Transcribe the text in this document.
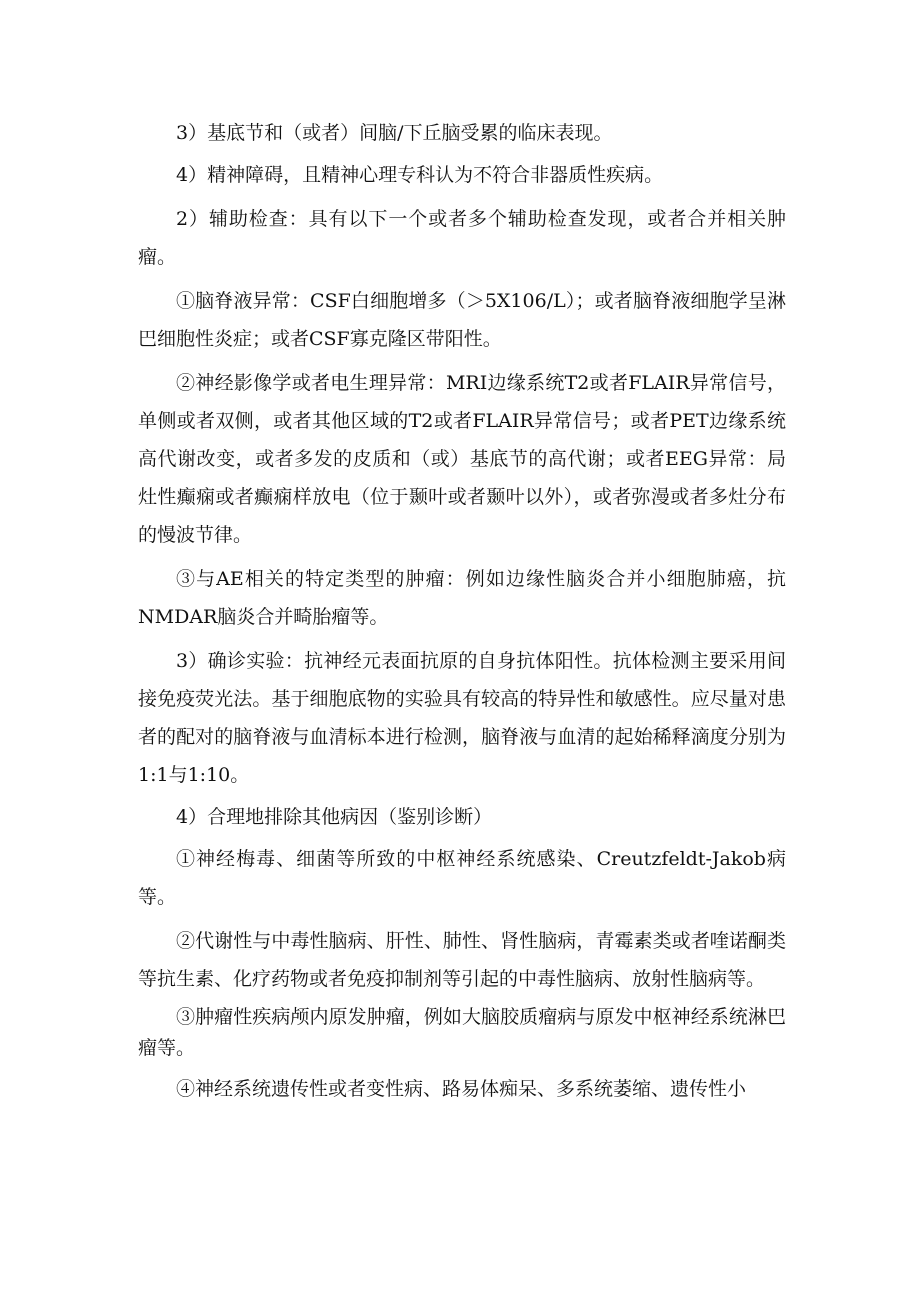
3）基底节和（或者）间脑/下丘脑受累的临床表现。

4）精神障碍，且精神心理专科认为不符合非器质性疾病。

2）辅助检查：具有以下一个或者多个辅助检查发现，或者合并相关肿瘤。

①脑脊液异常：CSF白细胞增多（＞5X106/L）；或者脑脊液细胞学呈淋巴细胞性炎症；或者CSF寡克隆区带阳性。

②神经影像学或者电生理异常：MRI边缘系统T2或者FLAIR异常信号，单侧或者双侧，或者其他区域的T2或者FLAIR异常信号；或者PET边缘系统高代谢改变，或者多发的皮质和（或）基底节的高代谢；或者EEG异常：局灶性癫痫或者癫痫样放电（位于颞叶或者颞叶以外），或者弥漫或者多灶分布的慢波节律。

③与AE相关的特定类型的肿瘤：例如边缘性脑炎合并小细胞肺癌，抗NMDAR脑炎合并畸胎瘤等。

3）确诊实验：抗神经元表面抗原的自身抗体阳性。抗体检测主要采用间接免疫荧光法。基于细胞底物的实验具有较高的特异性和敏感性。应尽量对患者的配对的脑脊液与血清标本进行检测，脑脊液与血清的起始稀释滴度分别为1:1与1:10。

4）合理地排除其他病因（鉴别诊断）

①神经梅毒、细菌等所致的中枢神经系统感染、Creutzfeldt-Jakob病等。

②代谢性与中毒性脑病、肝性、肺性、肾性脑病，青霉素类或者喹诺酮类等抗生素、化疗药物或者免疫抑制剂等引起的中毒性脑病、放射性脑病等。

③肿瘤性疾病颅内原发肿瘤，例如大脑胶质瘤病与原发中枢神经系统淋巴瘤等。

④神经系统遗传性或者变性病、路易体痴呆、多系统萎缩、遗传性小
